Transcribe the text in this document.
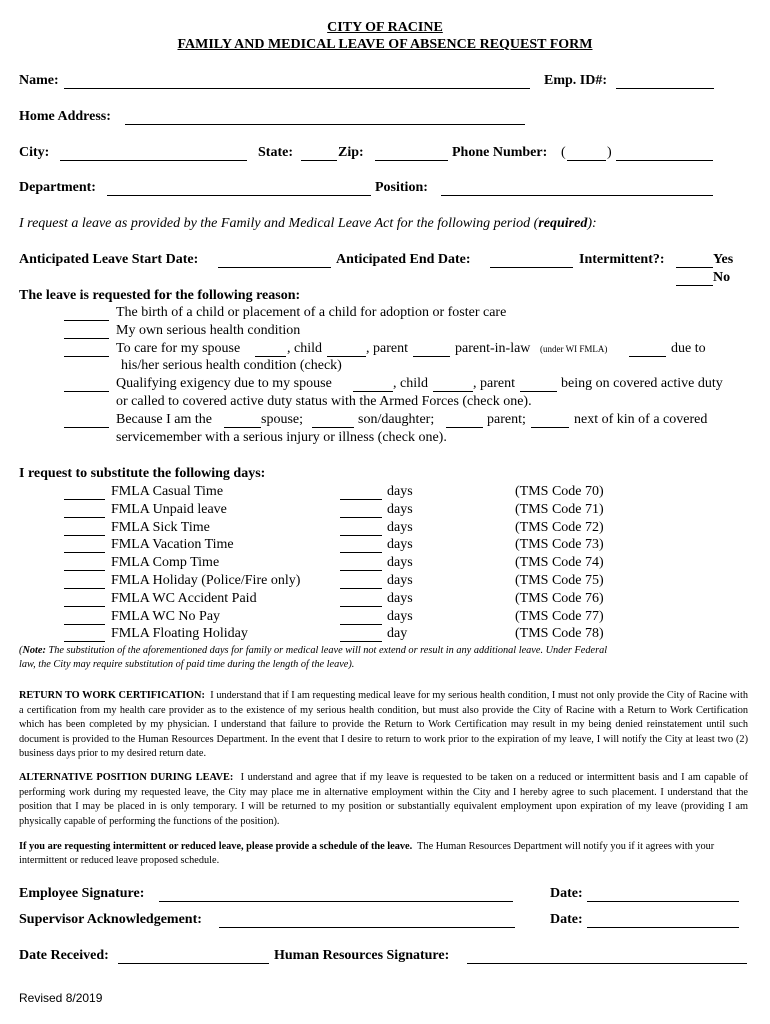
CITY OF RACINE
FAMILY AND MEDICAL LEAVE OF ABSENCE REQUEST FORM
Name:	Emp. ID#:
Home Address:
City:	State:	Zip:	Phone Number: (	)
Department:	Position:
I request a leave as provided by the Family and Medical Leave Act for the following period (required):
Anticipated Leave Start Date:	Anticipated End Date:	Intermittent?:	Yes
No
The leave is requested for the following reason:
The birth of a child or placement of a child for adoption or foster care
My own serious health condition
To care for my spouse	, child	, parent	parent-in-law (under WI FMLA)	due to
his/her serious health condition (check)
Qualifying exigency due to my spouse	, child	, parent	being on covered active duty
or called to covered active duty status with the Armed Forces (check one).
Because I am the	spouse;	son/daughter;	parent;	next of kin of a covered
servicemember with a serious injury or illness (check one).
I request to substitute the following days:
FMLA Casual Time	days	(TMS Code 70)
FMLA Unpaid leave	days	(TMS Code 71)
FMLA Sick Time	days	(TMS Code 72)
FMLA Vacation Time	days	(TMS Code 73)
FMLA Comp Time	days	(TMS Code 74)
FMLA Holiday (Police/Fire only)	days	(TMS Code 75)
FMLA WC Accident Paid	days	(TMS Code 76)
FMLA WC No Pay	days	(TMS Code 77)
FMLA Floating Holiday	day	(TMS Code 78)
(Note: The substitution of the aforementioned days for family or medical leave will not extend or result in any additional leave. Under Federal
law, the City may require substitution of paid time during the length of the leave).
RETURN TO WORK CERTIFICATION: I understand that if I am requesting medical leave for my serious health condition, I must not only provide the City of Racine with a certification from my health care provider as to the existence of my serious health condition, but must also provide the City of Racine with a Return to Work Certification which has been completed by my physician. I understand that failure to provide the Return to Work Certification may result in my being denied reinstatement until such document is provided to the Human Resources Department. In the event that I desire to return to work prior to the expiration of my leave, I will notify the City at least two (2) business days prior to my desired return date.
ALTERNATIVE POSITION DURING LEAVE: I understand and agree that if my leave is requested to be taken on a reduced or intermittent basis and I am capable of performing work during my requested leave, the City may place me in alternative employment within the City and I hereby agree to such placement. I understand that the position that I may be placed in is only temporary. I will be returned to my position or substantially equivalent employment upon expiration of my leave (providing I am physically capable of performing the functions of the position).
If you are requesting intermittent or reduced leave, please provide a schedule of the leave. The Human Resources Department will notify you if it agrees with your intermittent or reduced leave proposed schedule.
Employee Signature:	Date:
Supervisor Acknowledgement:	Date:
Date Received:	Human Resources Signature:
Revised 8/2019
